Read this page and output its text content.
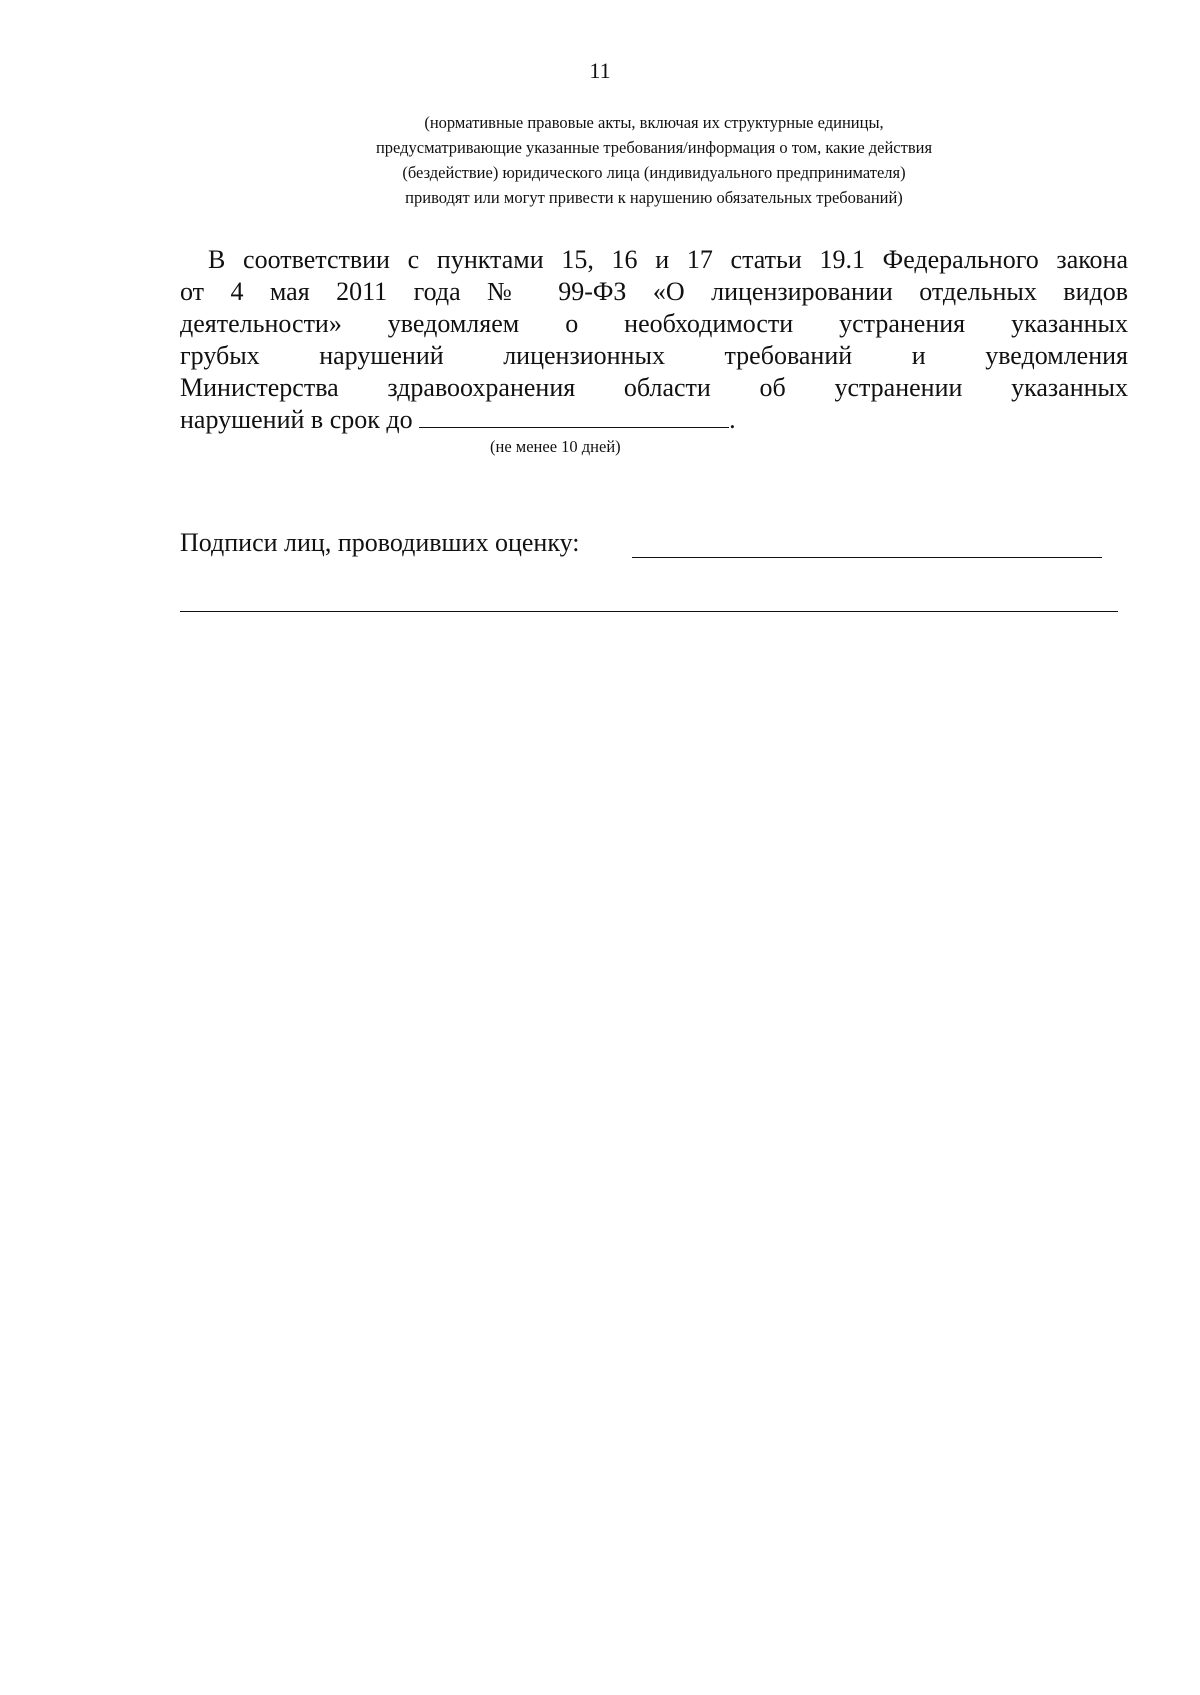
11
(нормативные правовые акты, включая их структурные единицы,
предусматривающие указанные требования/информация о том, какие действия
(бездействие) юридического лица (индивидуального предпринимателя)
приводят или могут привести к нарушению обязательных требований)
В соответствии с пунктами 15, 16 и 17 статьи 19.1 Федерального закона
от 4 мая 2011 года № 99-ФЗ «О лицензировании отдельных видов
деятельности» уведомляем о необходимости устранения указанных
грубых нарушений лицензионных требований и уведомления
Министерства здравоохранения области об устранении указанных
нарушений в срок до	.
(не менее 10 дней)
Подписи лиц, проводивших оценку:
